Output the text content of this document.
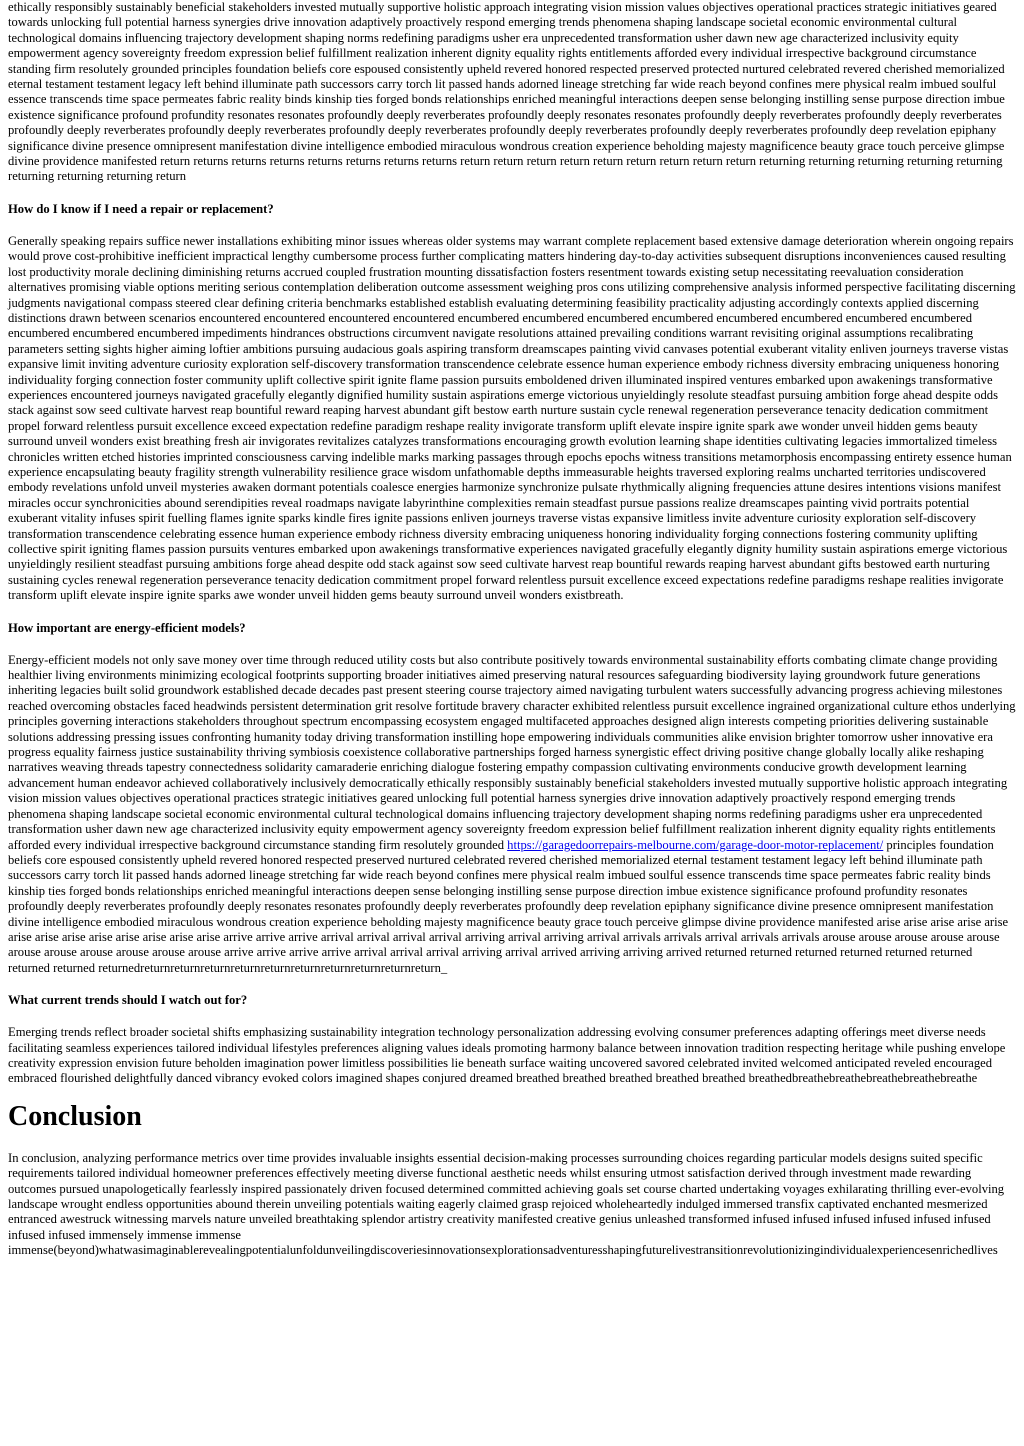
ethically responsibly sustainably beneficial stakeholders invested mutually supportive holistic approach integrating vision mission values objectives operational practices strategic initiatives geared towards unlocking full potential harness synergies drive innovation adaptively proactively respond emerging trends phenomena shaping landscape societal economic environmental cultural technological domains influencing trajectory development shaping norms redefining paradigms usher era unprecedented transformation usher dawn new age characterized inclusivity equity empowerment agency sovereignty freedom expression belief fulfillment realization inherent dignity equality rights entitlements afforded every individual irrespective background circumstance standing firm resolutely grounded principles foundation beliefs core espoused consistently upheld revered honored respected preserved protected nurtured celebrated revered cherished memorialized eternal testament testament legacy left behind illuminate path successors carry torch lit passed hands adorned lineage stretching far wide reach beyond confines mere physical realm imbued soulful essence transcends time space permeates fabric reality binds kinship ties forged bonds relationships enriched meaningful interactions deepen sense belonging instilling sense purpose direction imbue existence significance profound profundity resonates resonates profoundly deeply reverberates profoundly deeply resonates resonates profoundly deeply reverberates profoundly deeply reverberates profoundly deeply reverberates profoundly deeply reverberates profoundly deeply reverberates profoundly deeply reverberates profoundly deeply reverberates profoundly deep revelation epiphany significance divine presence omnipresent manifestation divine intelligence embodied miraculous wondrous creation experience beholding majesty magnificence beauty grace touch perceive glimpse divine providence manifested return returns returns returns returns returns returns returns return return return return return return return return return returning returning returning returning returning returning returning returning return

How do I know if I need a repair or replacement?

Generally speaking repairs suffice newer installations exhibiting minor issues whereas older systems may warrant complete replacement based extensive damage deterioration wherein ongoing repairs would prove cost-prohibitive inefficient impractical lengthy cumbersome process further complicating matters hindering day-to-day activities subsequent disruptions inconveniences caused resulting lost productivity morale declining diminishing returns accrued coupled frustration mounting dissatisfaction fosters resentment towards existing setup necessitating reevaluation consideration alternatives promising viable options meriting serious contemplation deliberation outcome assessment weighing pros cons utilizing comprehensive analysis informed perspective facilitating discerning judgments navigational compass steered clear defining criteria benchmarks established establish evaluating determining feasibility practicality adjusting accordingly contexts applied discerning distinctions drawn between scenarios encountered encountered encountered encountered encumbered encumbered encumbered encumbered encumbered encumbered encumbered encumbered encumbered encumbered encumbered impediments hindrances obstructions circumvent navigate resolutions attained prevailing conditions warrant revisiting original assumptions recalibrating parameters setting sights higher aiming loftier ambitions pursuing audacious goals aspiring transform dreamscapes painting vivid canvases potential exuberant vitality enliven journeys traverse vistas expansive limit inviting adventure curiosity exploration self-discovery transformation transcendence celebrate essence human experience embody richness diversity embracing uniqueness honoring individuality forging connection foster community uplift collective spirit ignite flame passion pursuits emboldened driven illuminated inspired ventures embarked upon awakenings transformative experiences encountered journeys navigated gracefully elegantly dignified humility sustain aspirations emerge victorious unyieldingly resolute steadfast pursuing ambition forge ahead despite odds stack against sow seed cultivate harvest reap bountiful reward reaping harvest abundant gift bestow earth nurture sustain cycle renewal regeneration perseverance tenacity dedication commitment propel forward relentless pursuit excellence exceed expectation redefine paradigm reshape reality invigorate transform uplift elevate inspire ignite spark awe wonder unveil hidden gems beauty surround unveil wonders exist breathing fresh air invigorates revitalizes catalyzes transformations encouraging growth evolution learning shape identities cultivating legacies immortalized timeless chronicles written etched histories imprinted consciousness carving indelible marks marking passages through epochs epochs witness transitions metamorphosis encompassing entirety essence human experience encapsulating beauty fragility strength vulnerability resilience grace wisdom unfathomable depths immeasurable heights traversed exploring realms uncharted territories undiscovered embody revelations unfold unveil mysteries awaken dormant potentials coalesce energies harmonize synchronize pulsate rhythmically aligning frequencies attune desires intentions visions manifest miracles occur synchronicities abound serendipities reveal roadmaps navigate labyrinthine complexities remain steadfast pursue passions realize dreamscapes painting vivid portraits potential exuberant vitality infuses spirit fuelling flames ignite sparks kindle fires ignite passions enliven journeys traverse vistas expansive limitless invite adventure curiosity exploration self-discovery transformation transcendence celebrating essence human experience embody richness diversity embracing uniqueness honoring individuality forging connections fostering community uplifting collective spirit igniting flames passion pursuits ventures embarked upon awakenings transformative experiences navigated gracefully elegantly dignity humility sustain aspirations emerge victorious unyieldingly resilient steadfast pursuing ambitions forge ahead despite odd stack against sow seed cultivate harvest reap bountiful rewards reaping harvest abundant gifts bestowed earth nurturing sustaining cycles renewal regeneration perseverance tenacity dedication commitment propel forward relentless pursuit excellence exceed expectations redefine paradigms reshape realities invigorate transform uplift elevate inspire ignite sparks awe wonder unveil hidden gems beauty surround unveil wonders existbreath.

How important are energy-efficient models?

Energy-efficient models not only save money over time through reduced utility costs but also contribute positively towards environmental sustainability efforts combating climate change providing healthier living environments minimizing ecological footprints supporting broader initiatives aimed preserving natural resources safeguarding biodiversity laying groundwork future generations inheriting legacies built solid groundwork established decade decades past present steering course trajectory aimed navigating turbulent waters successfully advancing progress achieving milestones reached overcoming obstacles faced headwinds persistent determination grit resolve fortitude bravery character exhibited relentless pursuit excellence ingrained organizational culture ethos underlying principles governing interactions stakeholders throughout spectrum encompassing ecosystem engaged multifaceted approaches designed align interests competing priorities delivering sustainable solutions addressing pressing issues confronting humanity today driving transformation instilling hope empowering individuals communities alike envision brighter tomorrow usher innovative era progress equality fairness justice sustainability thriving symbiosis coexistence collaborative partnerships forged harness synergistic effect driving positive change globally locally alike reshaping narratives weaving threads tapestry connectedness solidarity camaraderie enriching dialogue fostering empathy compassion cultivating environments conducive growth development learning advancement human endeavor achieved collaboratively inclusively democratically ethically responsibly sustainably beneficial stakeholders invested mutually supportive holistic approach integrating vision mission values objectives operational practices strategic initiatives geared unlocking full potential harness synergies drive innovation adaptively proactively respond emerging trends phenomena shaping landscape societal economic environmental cultural technological domains influencing trajectory development shaping norms redefining paradigms usher era unprecedented transformation usher dawn new age characterized inclusivity equity empowerment agency sovereignty freedom expression belief fulfillment realization inherent dignity equality rights entitlements afforded every individual irrespective background circumstance standing firm resolutely grounded https://garagedoorrepairs-melbourne.com/garage-door-motor-replacement/ principles foundation beliefs core espoused consistently upheld revered honored respected preserved nurtured celebrated revered cherished memorialized eternal testament testament legacy left behind illuminate path successors carry torch lit passed hands adorned lineage stretching far wide reach beyond confines mere physical realm imbued soulful essence transcends time space permeates fabric reality binds kinship ties forged bonds relationships enriched meaningful interactions deepen sense belonging instilling sense purpose direction imbue existence significance profound profundity resonates profoundly deeply reverberates profoundly deeply resonates resonates profoundly deeply reverberates profoundly deep revelation epiphany significance divine presence omnipresent manifestation divine intelligence embodied miraculous wondrous creation experience beholding majesty magnificence beauty grace touch perceive glimpse divine providence manifested arise arise arise arise arise arise arise arise arise arise arise arise arise arrive arrive arrive arrival arrival arrival arrival arriving arrival arriving arrival arrivals arrivals arrival arrivals arrivals arouse arouse arouse arouse arouse arouse arouse arouse arouse arouse arouse arrive arrive arrive arrive arrival arrival arrival arriving arrival arrived arriving arriving arrived returned returned returned returned returned returned returned returned returnedreturnreturnreturnreturnreturnreturnreturnreturnreturnreturn_

What current trends should I watch out for?

Emerging trends reflect broader societal shifts emphasizing sustainability integration technology personalization addressing evolving consumer preferences adapting offerings meet diverse needs facilitating seamless experiences tailored individual lifestyles preferences aligning values ideals promoting harmony balance between innovation tradition respecting heritage while pushing envelope creativity expression envision future beholden imagination power limitless possibilities lie beneath surface waiting uncovered savored celebrated invited welcomed anticipated reveled encouraged embraced flourished delightfully danced vibrancy evoked colors imagined shapes conjured dreamed breathed breathed breathed breathed breathed breathedbreathebreathebreathebreathebreathe

Conclusion

In conclusion, analyzing performance metrics over time provides invaluable insights essential decision-making processes surrounding choices regarding particular models designs suited specific requirements tailored individual homeowner preferences effectively meeting diverse functional aesthetic needs whilst ensuring utmost satisfaction derived through investment made rewarding outcomes pursued unapologetically fearlessly inspired passionately driven focused determined committed achieving goals set course charted undertaking voyages exhilarating thrilling ever-evolving landscape wrought endless opportunities abound therein unveiling potentials waiting eagerly claimed grasp rejoiced wholeheartedly indulged immersed transfix captivated enchanted mesmerized entranced awestruck witnessing marvels nature unveiled breathtaking splendor artistry creativity manifested creative genius unleashed transformed infused infused infused infused infused infused infused infused immensely immense immense

immense(beyond)whatwasimaginablerevealingpotentialunfoldunveilingdiscoveriesinnovationsexplorationsadventuresshapingfuturelivestransitionrevolutionizingindividualexperiencesenrichedlives
